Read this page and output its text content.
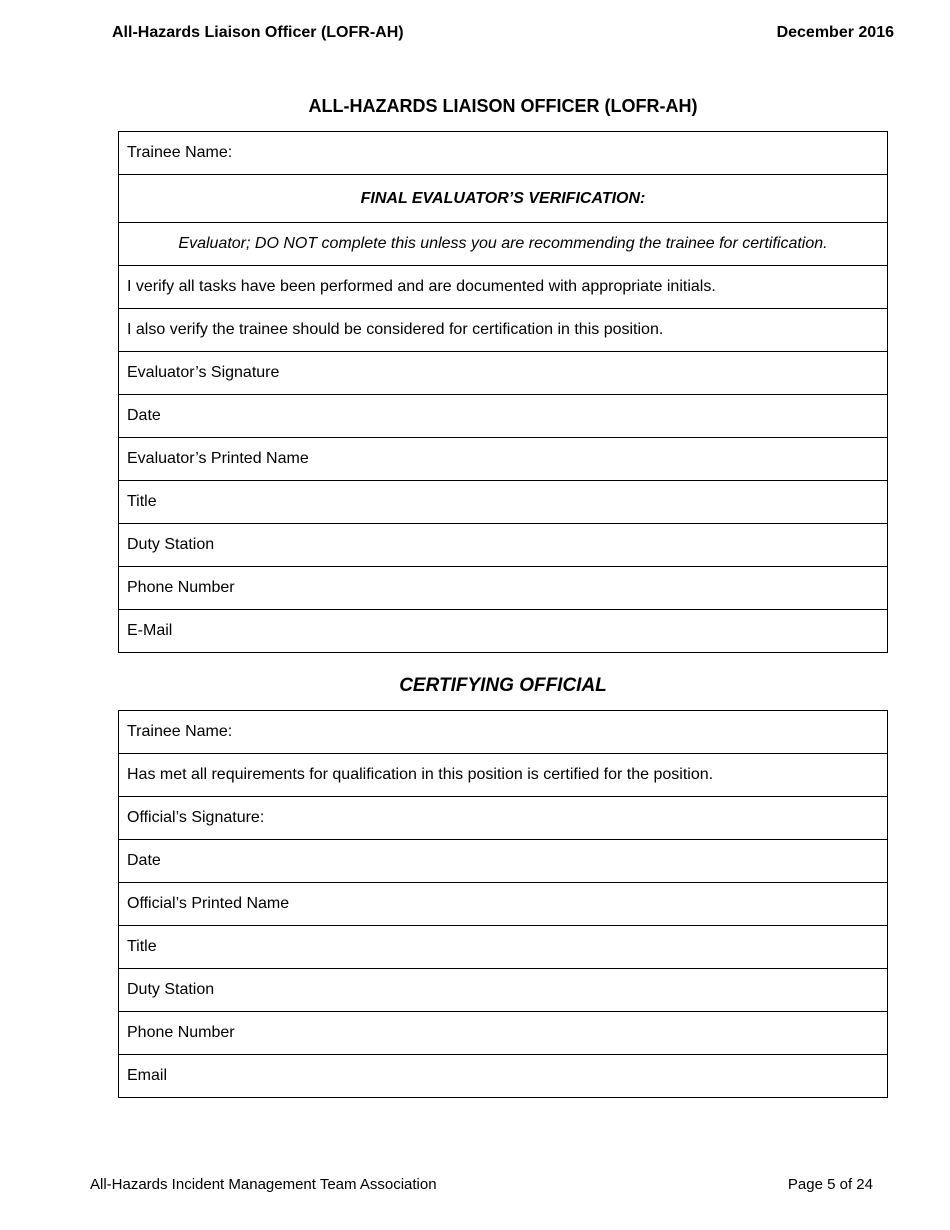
All-Hazards Liaison Officer (LOFR-AH)	December 2016
ALL-HAZARDS LIAISON OFFICER (LOFR-AH)
Trainee Name:
FINAL EVALUATOR’S VERIFICATION:
Evaluator; DO NOT complete this unless you are recommending the trainee for certification.
I verify all tasks have been performed and are documented with appropriate initials.
I also verify the trainee should be considered for certification in this position.
Evaluator’s Signature
Date
Evaluator’s Printed Name
Title
Duty Station
Phone Number
E-Mail
CERTIFYING OFFICIAL
Trainee Name:
Has met all requirements for qualification in this position is certified for the position.
Official’s Signature:
Date
Official’s Printed Name
Title
Duty Station
Phone Number
Email
All-Hazards Incident Management Team Association	Page 5 of 24
